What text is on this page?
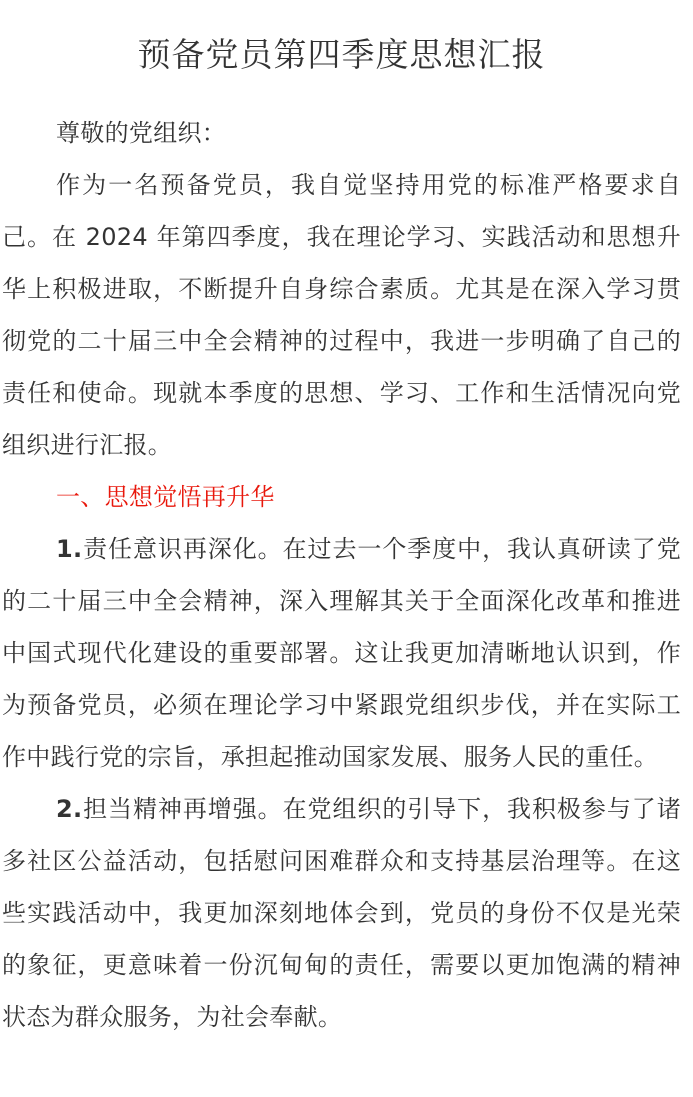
预备党员第四季度思想汇报

尊敬的党组织：

作为一名预备党员，我自觉坚持用党的标准严格要求自己。在 2024 年第四季度，我在理论学习、实践活动和思想升华上积极进取，不断提升自身综合素质。尤其是在深入学习贯彻党的二十届三中全会精神的过程中，我进一步明确了自己的责任和使命。现就本季度的思想、学习、工作和生活情况向党组织进行汇报。

一、思想觉悟再升华

1.责任意识再深化。在过去一个季度中，我认真研读了党的二十届三中全会精神，深入理解其关于全面深化改革和推进中国式现代化建设的重要部署。这让我更加清晰地认识到，作为预备党员，必须在理论学习中紧跟党组织步伐，并在实际工作中践行党的宗旨，承担起推动国家发展、服务人民的重任。

2.担当精神再增强。在党组织的引导下，我积极参与了诸多社区公益活动，包括慰问困难群众和支持基层治理等。在这些实践活动中，我更加深刻地体会到，党员的身份不仅是光荣的象征，更意味着一份沉甸甸的责任，需要以更加饱满的精神状态为群众服务，为社会奉献。
